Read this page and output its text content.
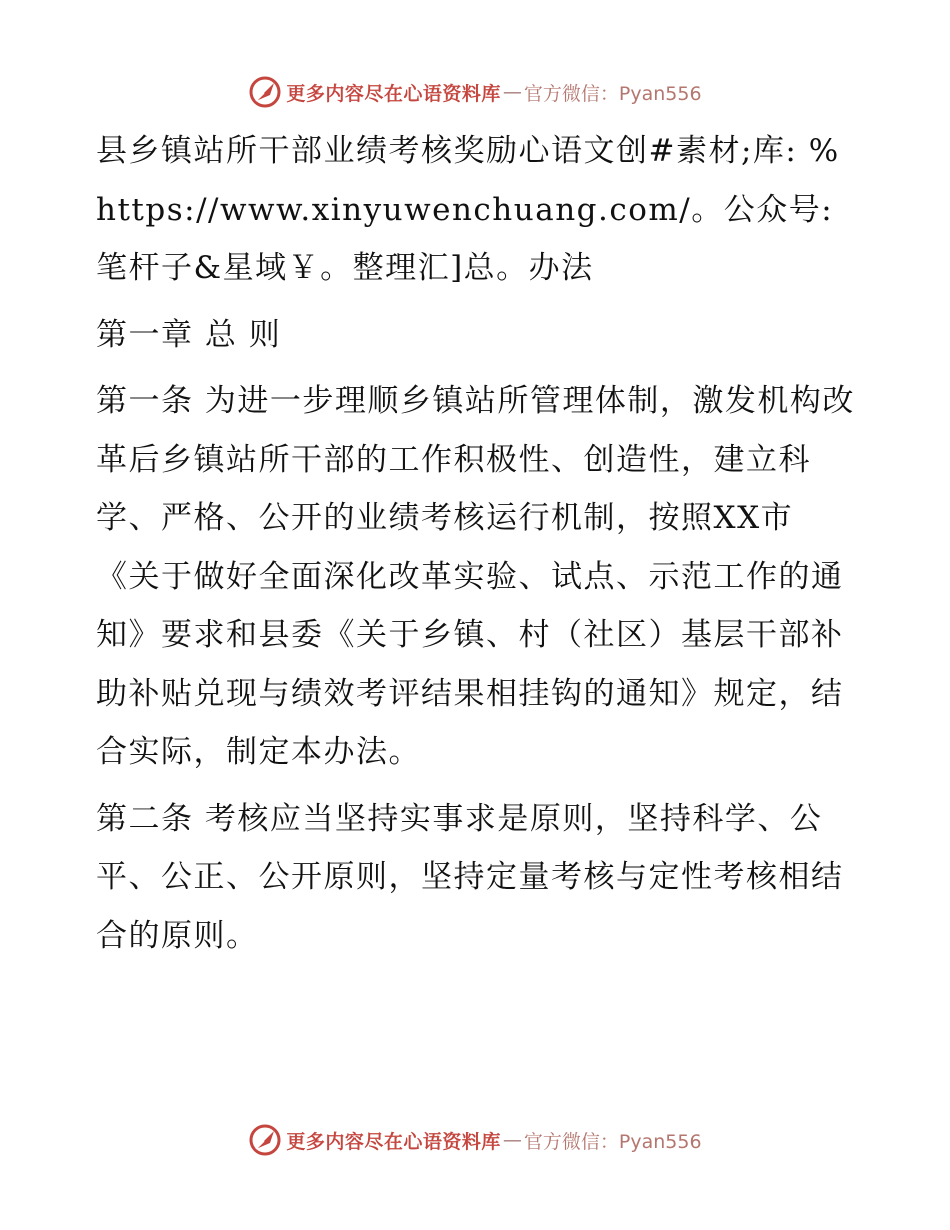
更多内容尽在心语资料库 — 官方微信：Pyan556

县乡镇站所干部业绩考核奖励心语文创#素材;库: %https://www.xinyuwenchuang.com/。公众号: 笔杆子&星域￥。整理汇]总。办法

第一章 总 则

第一条 为进一步理顺乡镇站所管理体制，激发机构改革后乡镇站所干部的工作积极性、创造性，建立科学、严格、公开的业绩考核运行机制，按照XX市《关于做好全面深化改革实验、试点、示范工作的通知》要求和县委《关于乡镇、村（社区）基层干部补助补贴兑现与绩效考评结果相挂钩的通知》规定，结合实际，制定本办法。

第二条 考核应当坚持实事求是原则，坚持科学、公平、公正、公开原则，坚持定量考核与定性考核相结合的原则。

更多内容尽在心语资料库 — 官方微信：Pyan556
